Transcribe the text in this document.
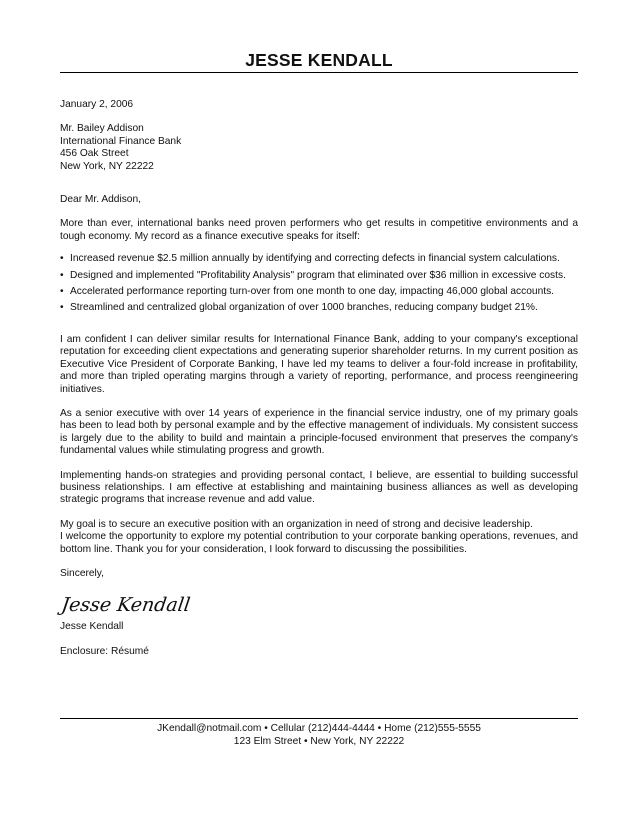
JESSE KENDALL

January 2, 2006

Mr. Bailey Addison

International Finance Bank

456 Oak Street

New York, NY 22222

Dear Mr. Addison,

More than ever, international banks need proven performers who get results in competitive environments and a tough economy. My record as a finance executive speaks for itself:

• Increased revenue $2.5 million annually by identifying and correcting defects in financial system calculations.
• Designed and implemented "Profitability Analysis" program that eliminated over $36 million in excessive costs.
• Accelerated performance reporting turn-over from one month to one day, impacting 46,000 global accounts.
• Streamlined and centralized global organization of over 1000 branches, reducing company budget 21%.

I am confident I can deliver similar results for International Finance Bank, adding to your company's exceptional reputation for exceeding client expectations and generating superior shareholder returns. In my current position as Executive Vice President of Corporate Banking, I have led my teams to deliver a four-fold increase in profitability, and more than tripled operating margins through a variety of reporting, performance, and process reengineering initiatives.

As a senior executive with over 14 years of experience in the financial service industry, one of my primary goals has been to lead both by personal example and by the effective management of individuals. My consistent success is largely due to the ability to build and maintain a principle-focused environment that preserves the company's fundamental values while stimulating progress and growth.

Implementing hands-on strategies and providing personal contact, I believe, are essential to building successful business relationships. I am effective at establishing and maintaining business alliances as well as developing strategic programs that increase revenue and add value.

My goal is to secure an executive position with an organization in need of strong and decisive leadership.

I welcome the opportunity to explore my potential contribution to your corporate banking operations, revenues, and bottom line. Thank you for your consideration, I look forward to discussing the possibilities.

Sincerely,

Jesse Kendall

Jesse Kendall

Enclosure: Résumé

JKendall@notmail.com • Cellular (212)444-4444 • Home (212)555-5555

123 Elm Street • New York, NY 22222
